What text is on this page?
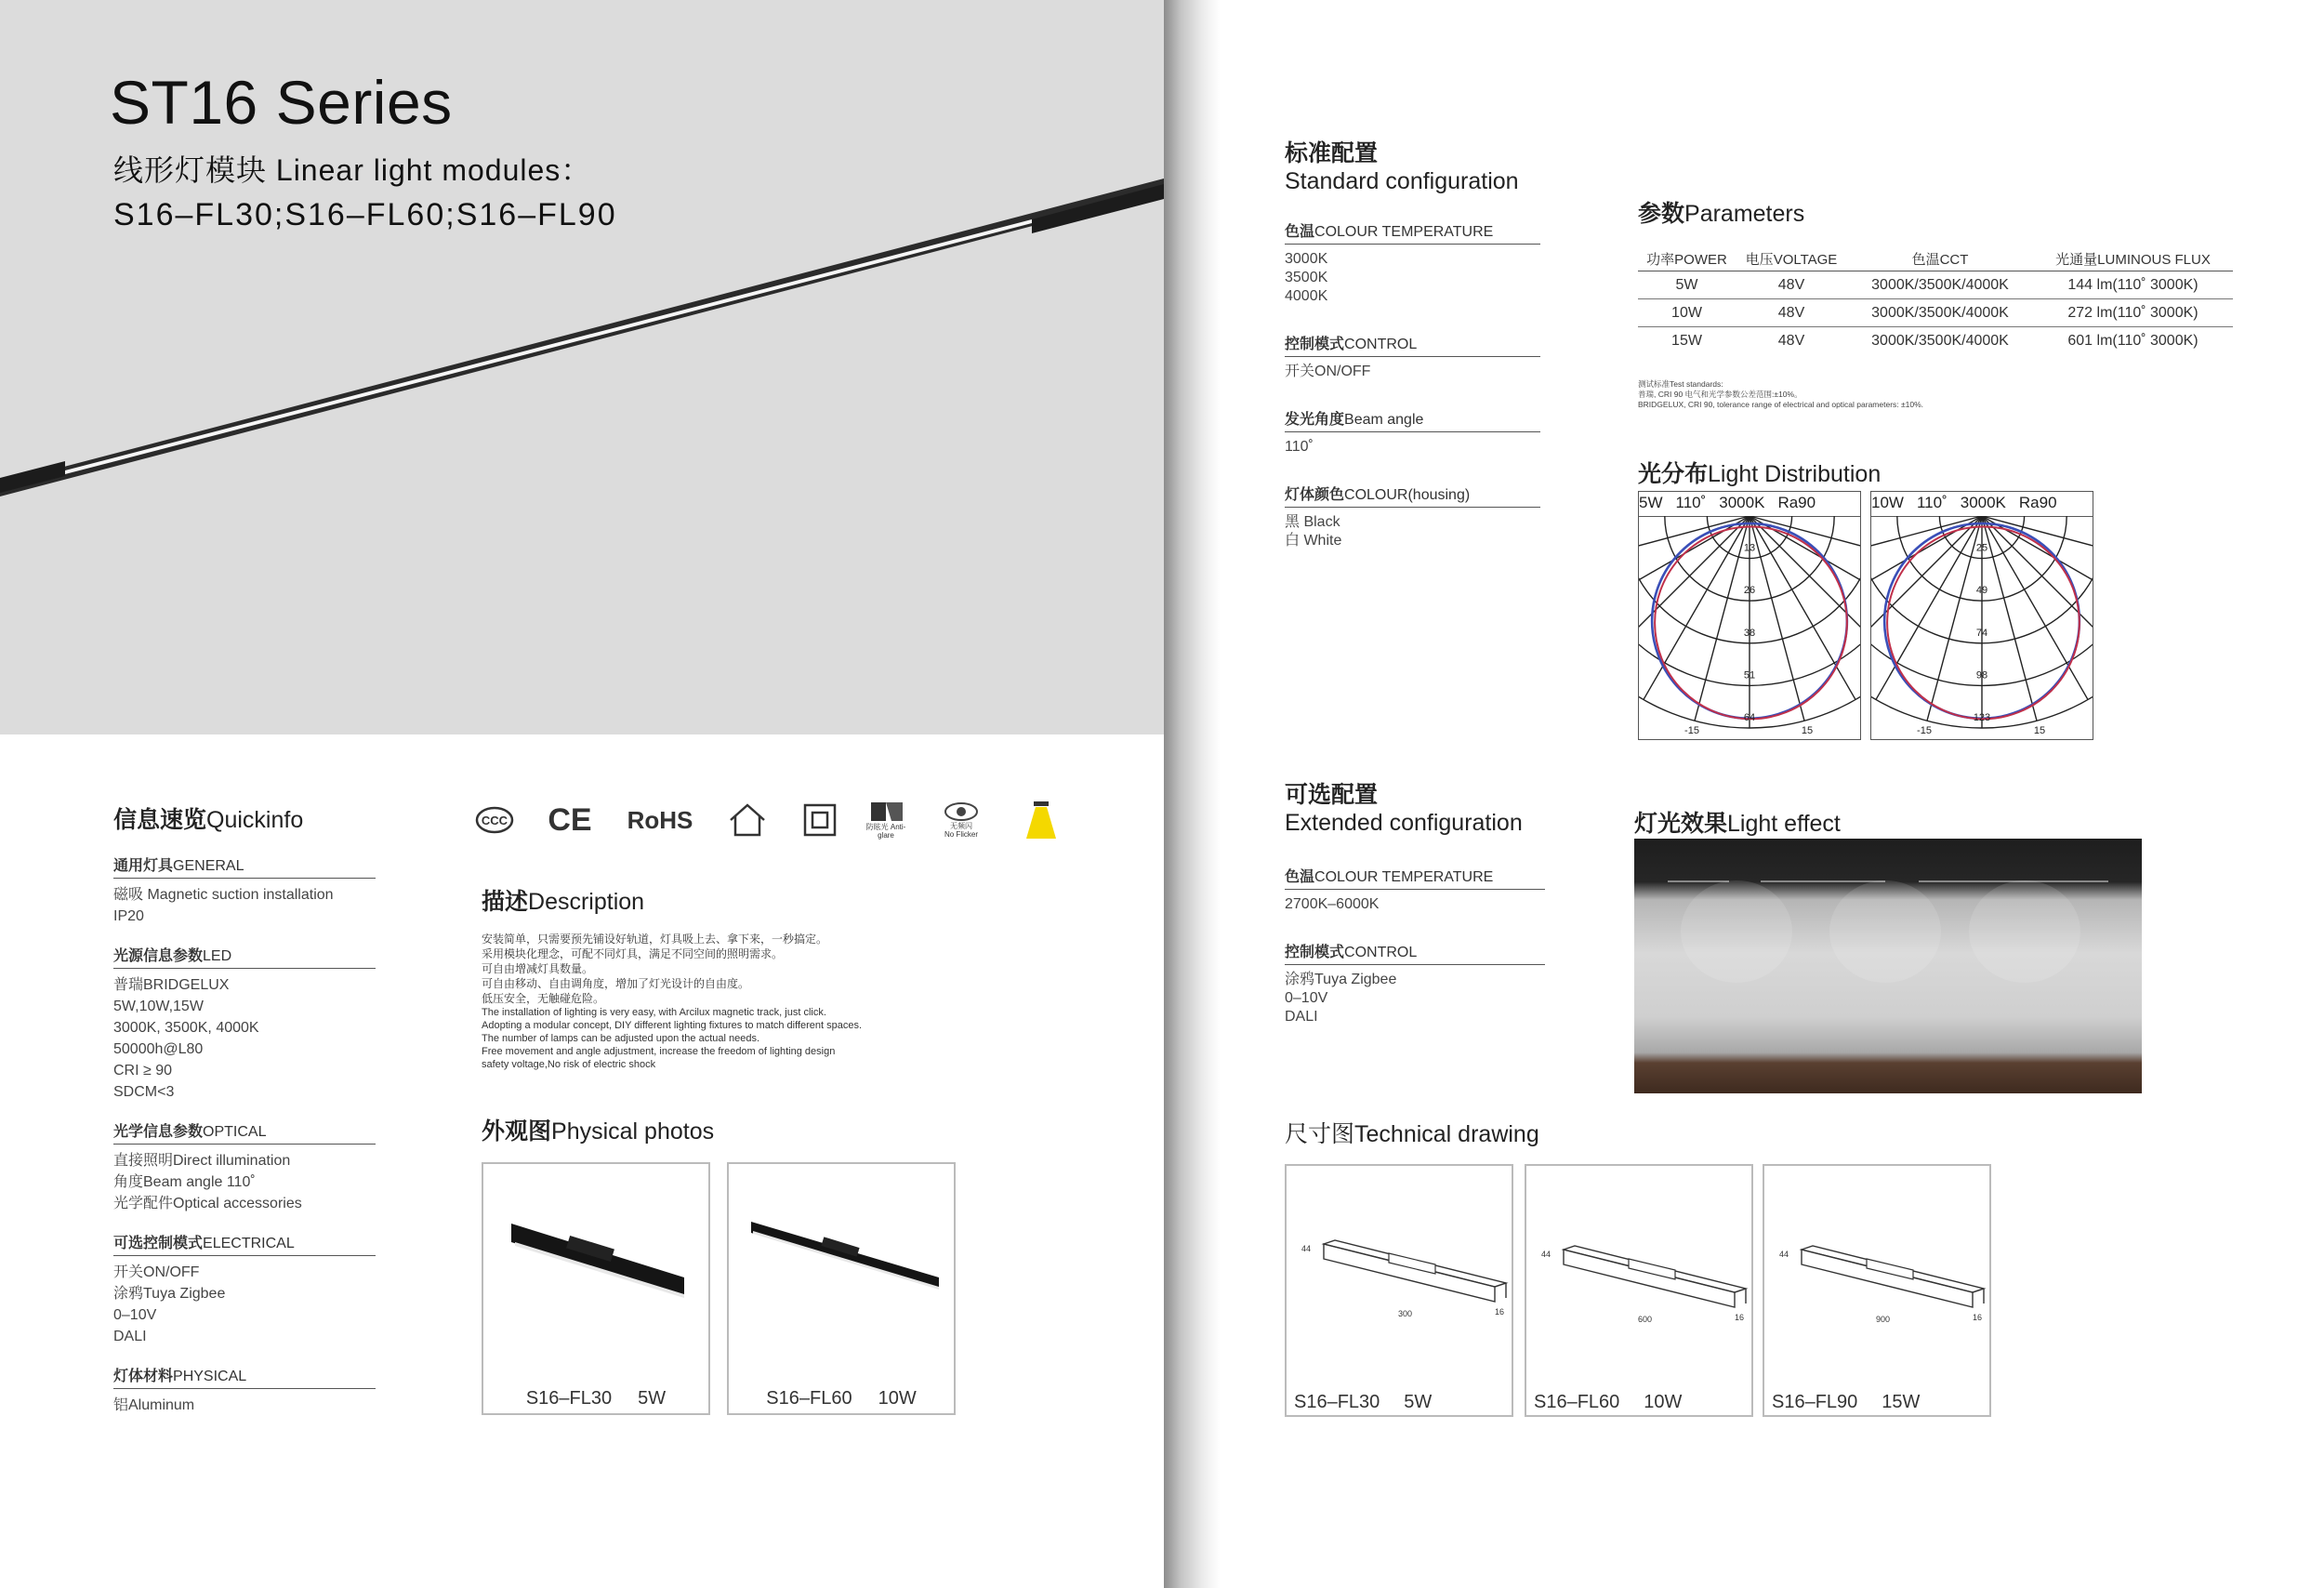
ST16 Series
线形灯模块 Linear light modules：
S16–FL30;S16–FL60;S16–FL90
信息速览Quickinfo
通用灯具GENERAL
磁吸 Magnetic suction installation
IP20
光源信息参数LED
普瑞BRIDGELUX
5W,10W,15W
3000K, 3500K, 4000K
50000h@L80
CRI ≥ 90
SDCM<3
光学信息参数OPTICAL
直接照明Direct illumination
角度Beam angle 110˚
光学配件Optical accessories
可选控制模式ELECTRICAL
开关ON/OFF
涂鸦Tuya Zigbee
0–10V
DALI
灯体材料PHYSICAL
铝Aluminum
CCC CE RoHS	防眩光 Anti-glare
无频闪
No Flicker
描述Description
安装简单，只需要预先铺设好轨道，灯具吸上去、拿下来，一秒搞定。
采用模块化理念，可配不同灯具，满足不同空间的照明需求。
可自由增减灯具数量。
可自由移动、自由调角度，增加了灯光设计的自由度。
低压安全，无触碰危险。
The installation of lighting is very easy, with Arcilux magnetic track, just click.
Adopting a modular concept, DIY different lighting fixtures to match different spaces.
The number of lamps can be adjusted upon the actual needs.
Free movement and angle adjustment, increase the freedom of lighting design
safety voltage,No risk of electric shock
外观图Physical photos
S16–FL30 5W	S16–FL60 10W
标准配置
Standard configuration
色温COLOUR TEMPERATURE
3000K
3500K
4000K
控制模式CONTROL
开关ON/OFF
发光角度Beam angle
110˚
灯体颜色COLOUR(housing)
黑 Black
白 White
参数Parameters
功率POWER	电压VOLTAGE	色温CCT	光通量LUMINOUS FLUX
5W	48V	3000K/3500K/4000K	144 lm(110˚ 3000K)
10W	48V	3000K/3500K/4000K	272 lm(110˚ 3000K)
15W	48V	3000K/3500K/4000K	601 lm(110˚ 3000K)
测试标准Test standards:
普瑞, CRI 90 电气和光学参数公差范围:±10%。
BRIDGELUX, CRI 90, tolerance range of electrical and optical parameters: ±10%.
光分布Light Distribution
5W 110˚ 3000K Ra90
13
26
38
51
64
-15	15
10W 110˚ 3000K Ra90
25
49
74
98
123
-15	15
可选配置
Extended configuration
色温COLOUR TEMPERATURE
2700K–6000K
控制模式CONTROL
涂鸦Tuya Zigbee
0–10V
DALI
灯光效果Light effect
尺寸图Technical drawing
44
300	16
S16–FL30 5W
44
600	16
S16–FL60 10W
44
900	16
S16–FL90 15W
